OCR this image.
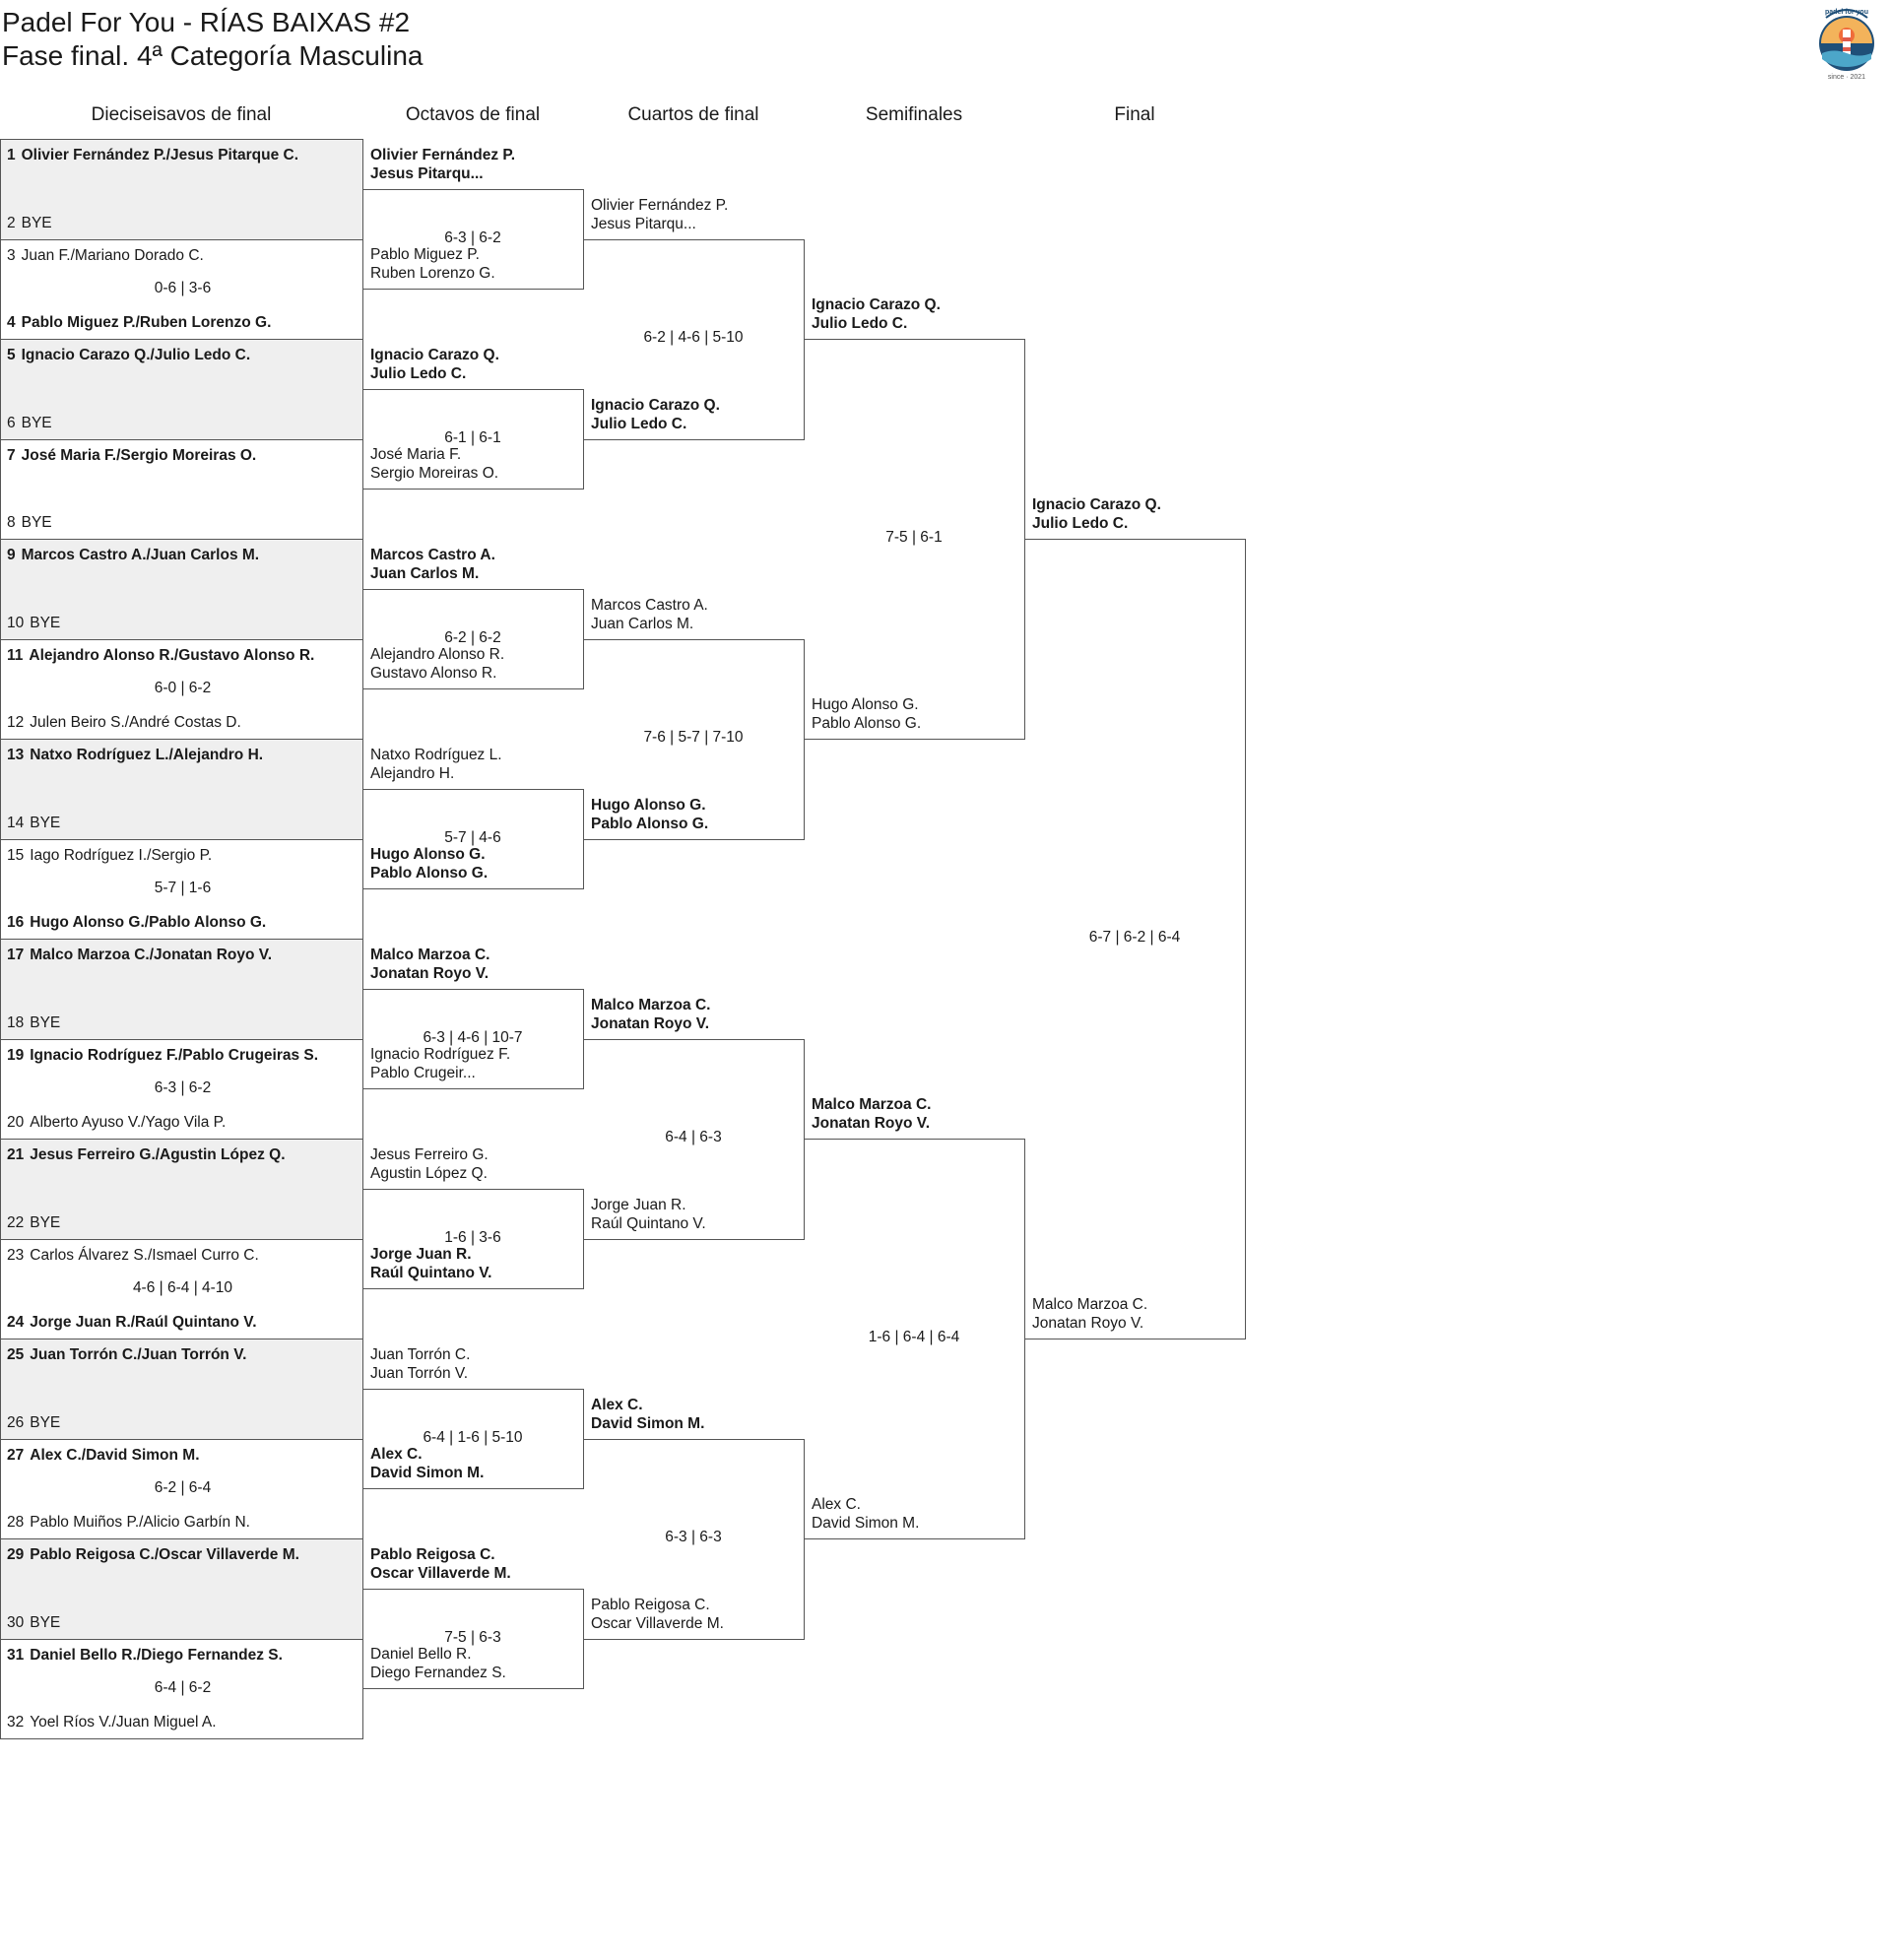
Padel For You - RÍAS BAIXAS #2
Fase final. 4ª Categoría Masculina
since · 2021
padel for you
Dieciseisavos de final	Octavos de final	Cuartos de final	Semifinales	Final
1 Olivier Fernández P./Jesus Pitarque C.
2 BYE
3 Juan F./Mariano Dorado C.
4 Pablo Miguez P./Ruben Lorenzo G.
0-6 | 3-6
5 Ignacio Carazo Q./Julio Ledo C.
6 BYE
7 José Maria F./Sergio Moreiras O.
8 BYE
9 Marcos Castro A./Juan Carlos M.
10 BYE
11 Alejandro Alonso R./Gustavo Alonso R.
12 Julen Beiro S./André Costas D.
6-0 | 6-2
13 Natxo Rodríguez L./Alejandro H.
14 BYE
15 Iago Rodríguez I./Sergio P.
16 Hugo Alonso G./Pablo Alonso G.
5-7 | 1-6
17 Malco Marzoa C./Jonatan Royo V.
18 BYE
19 Ignacio Rodríguez F./Pablo Crugeiras S.
20 Alberto Ayuso V./Yago Vila P.
6-3 | 6-2
21 Jesus Ferreiro G./Agustin López Q.
22 BYE
23 Carlos Álvarez S./Ismael Curro C.
24 Jorge Juan R./Raúl Quintano V.
4-6 | 6-4 | 4-10
25 Juan Torrón C./Juan Torrón V.
26 BYE
27 Alex C./David Simon M.
28 Pablo Muiños P./Alicio Garbín N.
6-2 | 6-4
29 Pablo Reigosa C./Oscar Villaverde M.
30 BYE
31 Daniel Bello R./Diego Fernandez S.
32 Yoel Ríos V./Juan Miguel A.
6-4 | 6-2
Olivier Fernández P.
Jesus Pitarqu...
Pablo Miguez P.
Ruben Lorenzo G.
6-3 | 6-2
Ignacio Carazo Q.
Julio Ledo C.
José Maria F.
Sergio Moreiras O.
6-1 | 6-1
Marcos Castro A.
Juan Carlos M.
Alejandro Alonso R.
Gustavo Alonso R.
6-2 | 6-2
Natxo Rodríguez L.
Alejandro H.
Hugo Alonso G.
Pablo Alonso G.
5-7 | 4-6
Malco Marzoa C.
Jonatan Royo V.
Ignacio Rodríguez F.
Pablo Crugeir...
6-3 | 4-6 | 10-7
Jesus Ferreiro G.
Agustin López Q.
Jorge Juan R.
Raúl Quintano V.
1-6 | 3-6
Juan Torrón C.
Juan Torrón V.
Alex C.
David Simon M.
6-4 | 1-6 | 5-10
Pablo Reigosa C.
Oscar Villaverde M.
Daniel Bello R.
Diego Fernandez S.
7-5 | 6-3
Olivier Fernández P.
Jesus Pitarqu...
Ignacio Carazo Q.
Julio Ledo C.
6-2 | 4-6 | 5-10
Marcos Castro A.
Juan Carlos M.
Hugo Alonso G.
Pablo Alonso G.
7-6 | 5-7 | 7-10
Malco Marzoa C.
Jonatan Royo V.
Jorge Juan R.
Raúl Quintano V.
6-4 | 6-3
Alex C.
David Simon M.
Pablo Reigosa C.
Oscar Villaverde M.
6-3 | 6-3
Ignacio Carazo Q.
Julio Ledo C.
Hugo Alonso G.
Pablo Alonso G.
7-5 | 6-1
Malco Marzoa C.
Jonatan Royo V.
Alex C.
David Simon M.
1-6 | 6-4 | 6-4
Ignacio Carazo Q.
Julio Ledo C.
Malco Marzoa C.
Jonatan Royo V.
6-7 | 6-2 | 6-4
